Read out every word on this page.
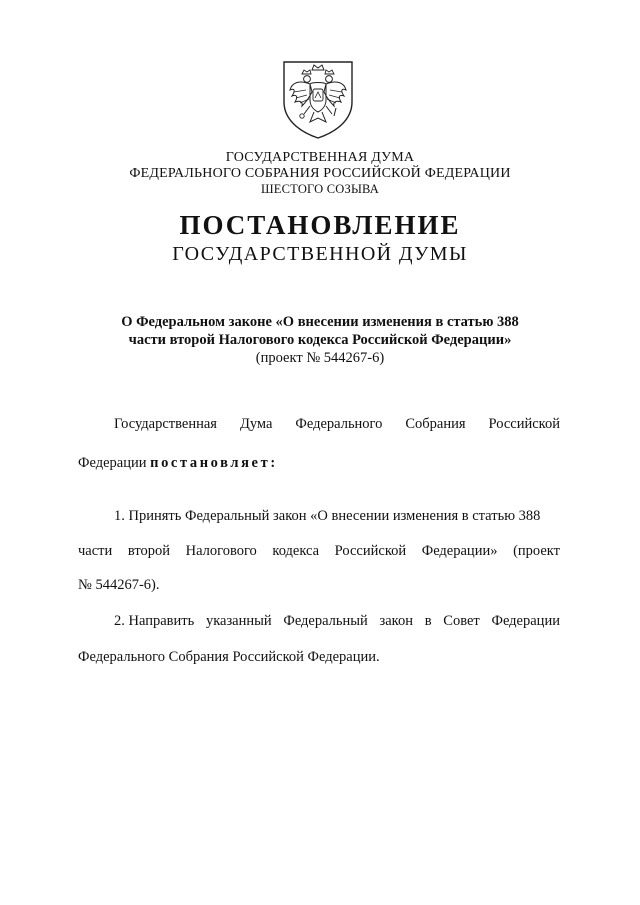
ГОСУДАРСТВЕННАЯ ДУМА
ФЕДЕРАЛЬНОГО СОБРАНИЯ РОССИЙСКОЙ ФЕДЕРАЦИИ
ШЕСТОГО СОЗЫВА
ПОСТАНОВЛЕНИЕ
ГОСУДАРСТВЕННОЙ ДУМЫ
О Федеральном законе «О внесении изменения в статью 388
части второй Налогового кодекса Российской Федерации»
(проект № 544267-6)
Государственная Дума Федерального Собрания Российской
Федерации постановляет:
1. Принять Федеральный закон «О внесении изменения в статью 388
части второй Налогового кодекса Российской Федерации» (проект
№ 544267-6).
2. Направить указанный Федеральный закон в Совет Федерации
Федерального Собрания Российской Федерации.
